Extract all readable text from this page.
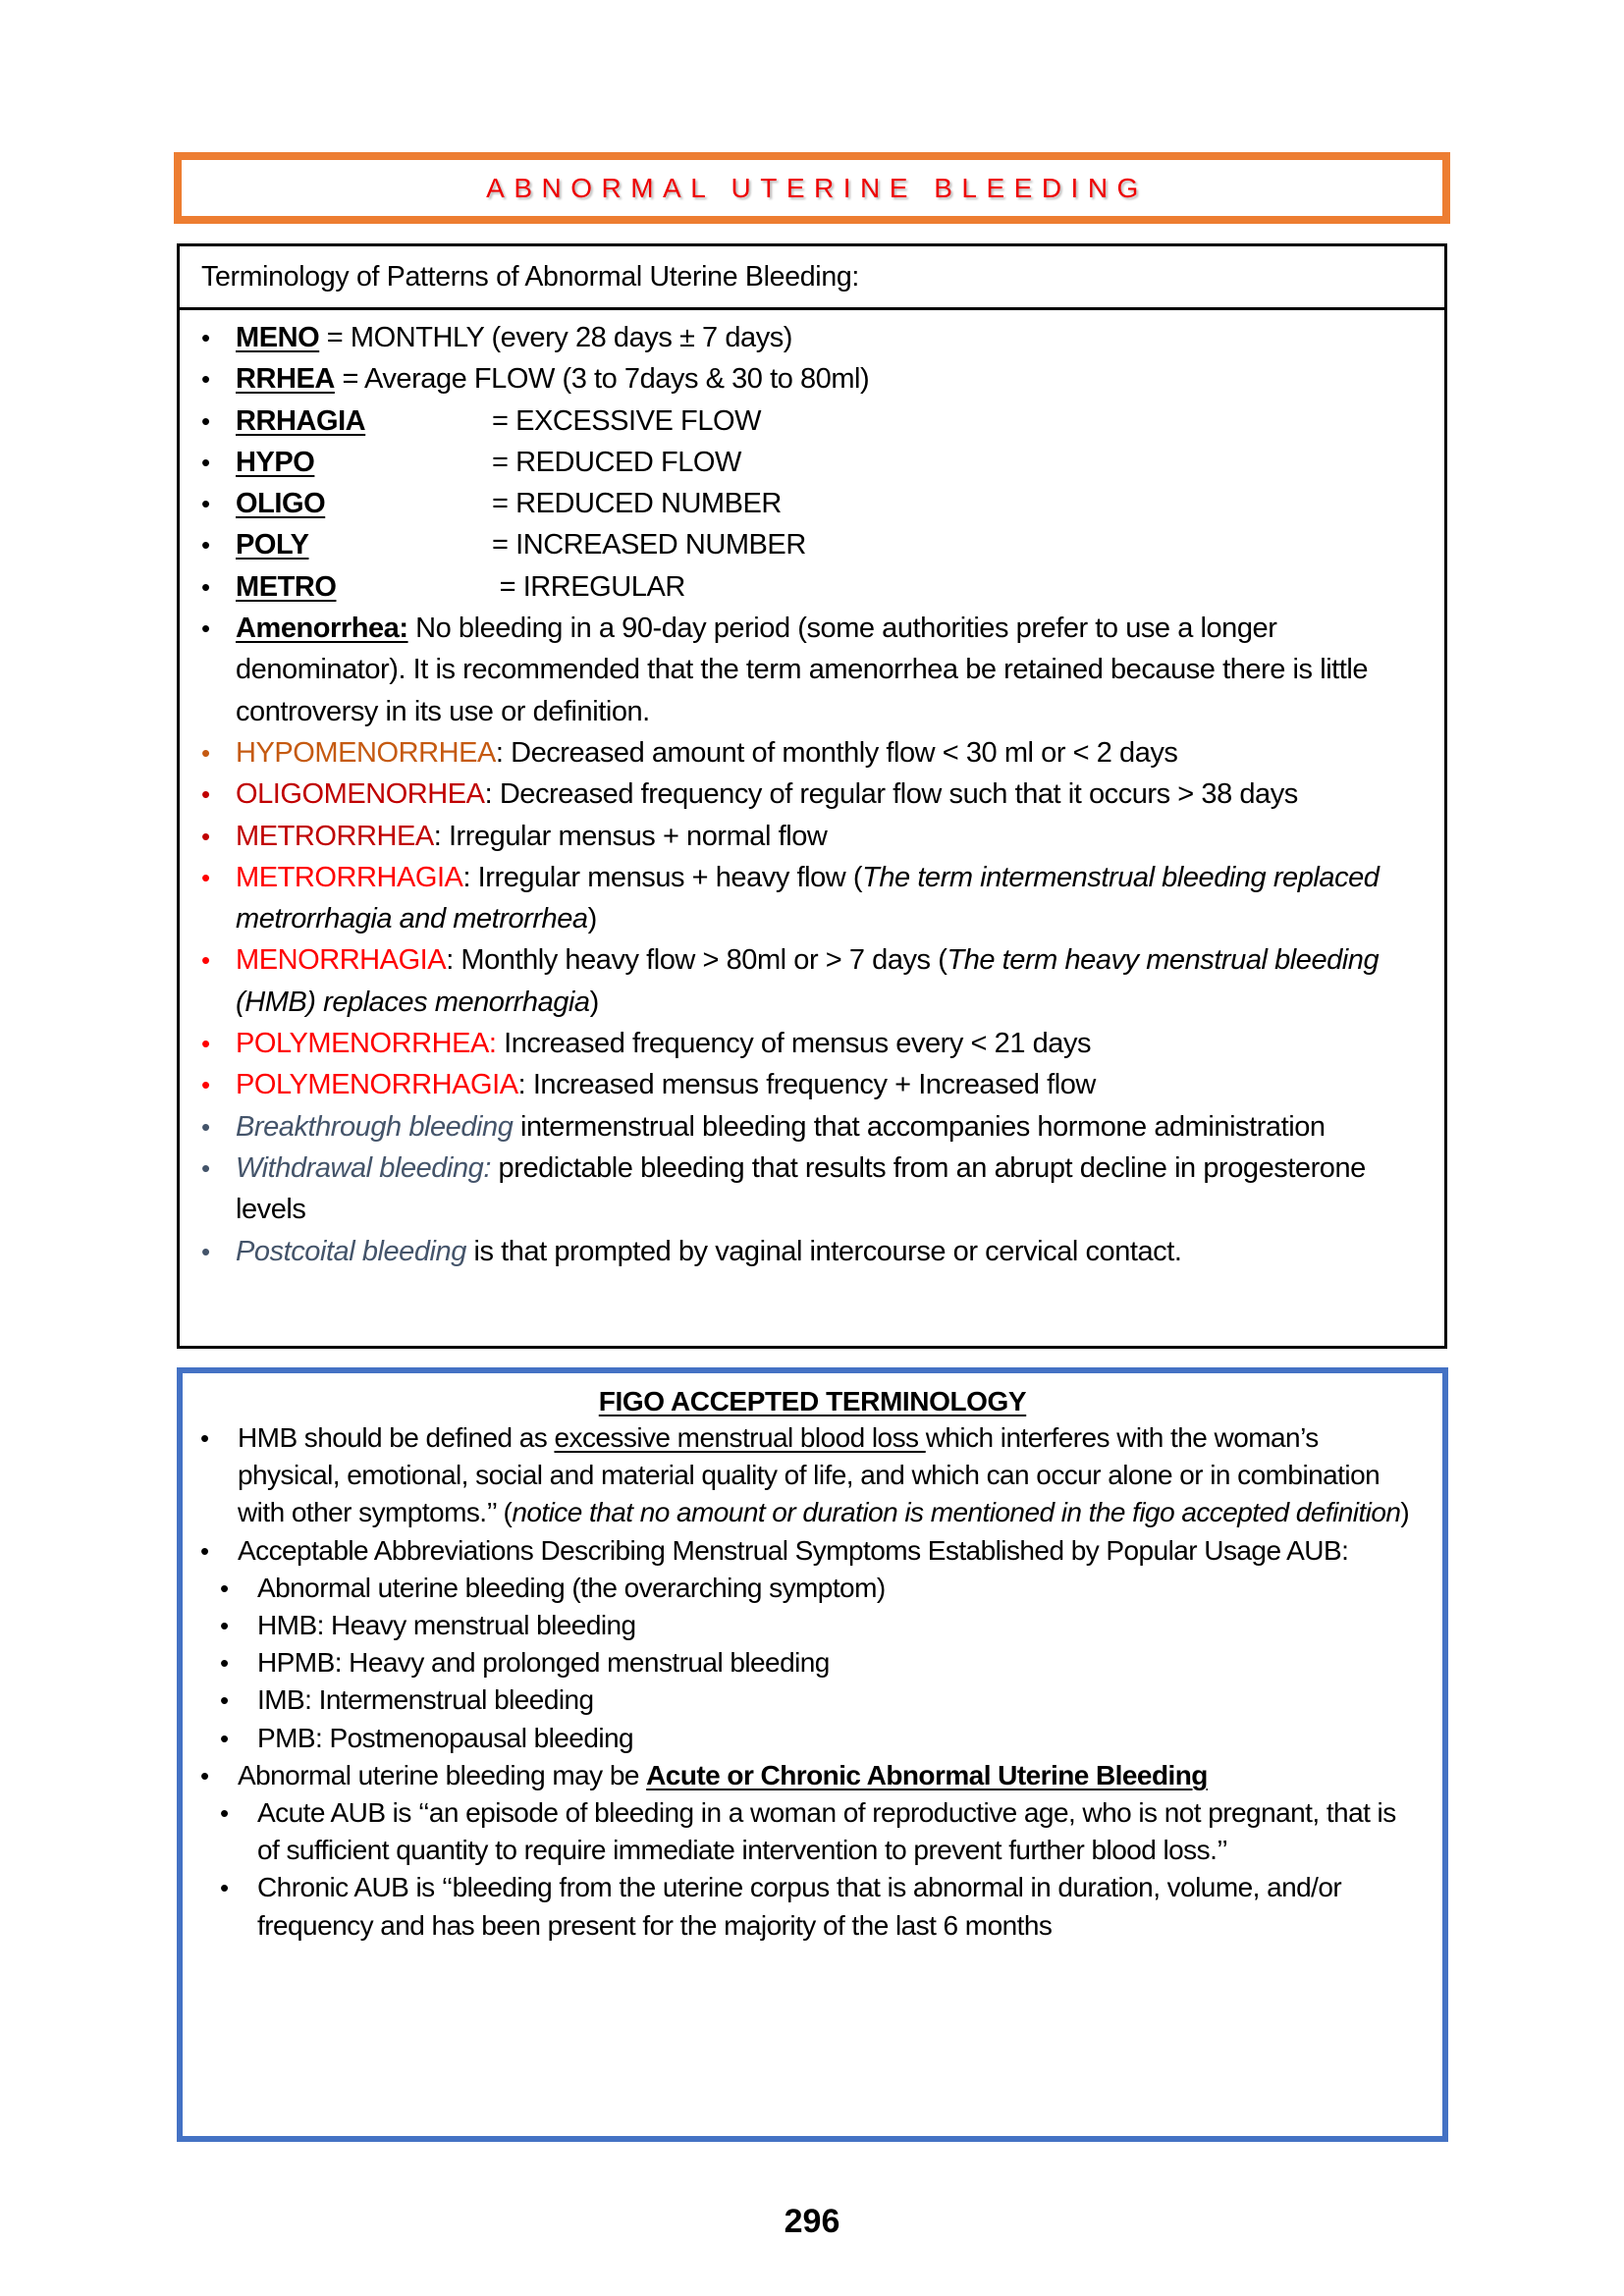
ABNORMAL UTERINE BLEEDING
Terminology of Patterns of Abnormal Uterine Bleeding:
• MENO = MONTHLY (every 28 days ± 7 days)
• RRHEA = Average FLOW (3 to 7days & 30 to 80ml)
• RRHAGIA	= EXCESSIVE FLOW
• HYPO	= REDUCED FLOW
• OLIGO	= REDUCED NUMBER
• POLY	= INCREASED NUMBER
• METRO	= IRREGULAR
• Amenorrhea: No bleeding in a 90-day period (some authorities prefer to use a longer denominator). It is recommended that the term amenorrhea be retained because there is little controversy in its use or definition.
• HYPOMENORRHEA: Decreased amount of monthly flow < 30 ml or < 2 days
• OLIGOMENORHEA: Decreased frequency of regular flow such that it occurs > 38 days
• METRORRHEA: Irregular mensus + normal flow
• METRORRHAGIA: Irregular mensus + heavy flow (The term intermenstrual bleeding replaced metrorrhagia and metrorrhea)
• MENORRHAGIA: Monthly heavy flow > 80ml or > 7 days (The term heavy menstrual bleeding (HMB) replaces menorrhagia)
• POLYMENORRHEA: Increased frequency of mensus every < 21 days
• POLYMENORRHAGIA: Increased mensus frequency + Increased flow
• Breakthrough bleeding intermenstrual bleeding that accompanies hormone administration
• Withdrawal bleeding: predictable bleeding that results from an abrupt decline in progesterone levels
• Postcoital bleeding is that prompted by vaginal intercourse or cervical contact.
FIGO ACCEPTED TERMINOLOGY
• HMB should be defined as excessive menstrual blood loss which interferes with the woman’s physical, emotional, social and material quality of life, and which can occur alone or in combination with other symptoms.’’ (notice that no amount or duration is mentioned in the figo accepted definition)
• Acceptable Abbreviations Describing Menstrual Symptoms Established by Popular Usage AUB:
• Abnormal uterine bleeding (the overarching symptom)
• HMB: Heavy menstrual bleeding
• HPMB: Heavy and prolonged menstrual bleeding
• IMB: Intermenstrual bleeding
• PMB: Postmenopausal bleeding
• Abnormal uterine bleeding may be Acute or Chronic Abnormal Uterine Bleeding
• Acute AUB is ‘‘an episode of bleeding in a woman of reproductive age, who is not pregnant, that is of sufficient quantity to require immediate intervention to prevent further blood loss.’’
• Chronic AUB is ‘‘bleeding from the uterine corpus that is abnormal in duration, volume, and/or frequency and has been present for the majority of the last 6 months
296
